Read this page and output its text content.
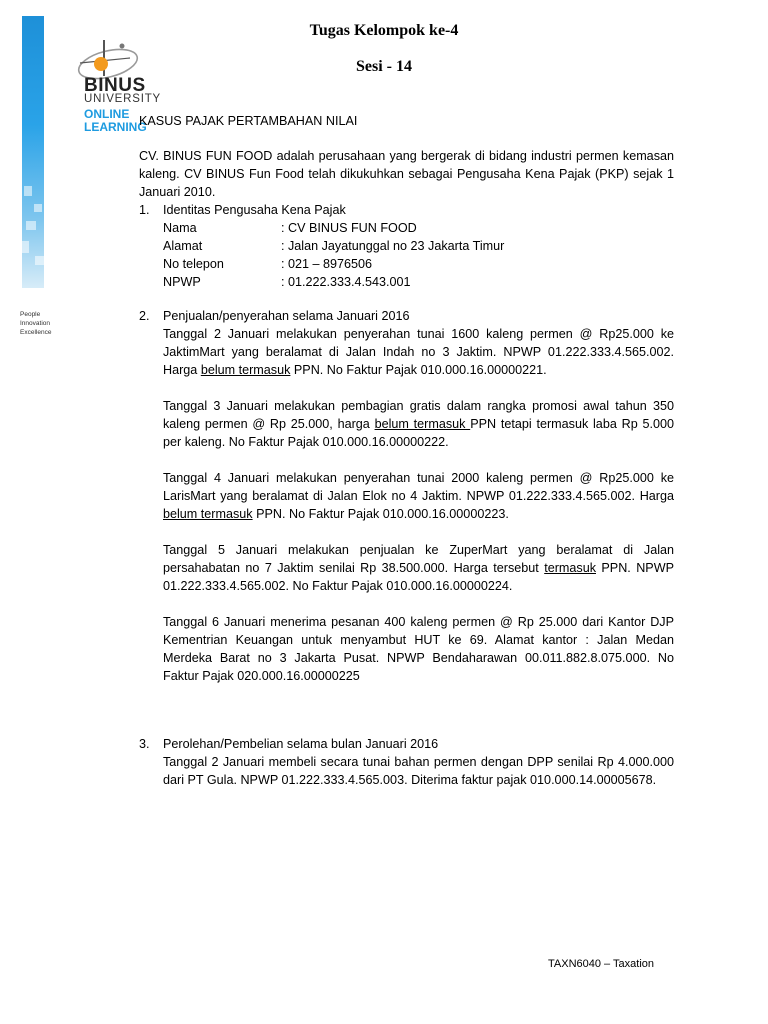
BINUS
UNIVERSITY
ONLINE
LEARNING
People
Innovation
Excellence
Tugas Kelompok ke-4
Sesi - 14
KASUS PAJAK PERTAMBAHAN NILAI
CV. BINUS FUN FOOD adalah perusahaan yang bergerak di bidang industri permen kemasan kaleng. CV BINUS Fun Food telah dikukuhkan sebagai Pengusaha Kena Pajak (PKP) sejak 1 Januari 2010.
1. Identitas Pengusaha Kena Pajak
Nama	: CV BINUS FUN FOOD
Alamat	: Jalan Jayatunggal no 23 Jakarta Timur
No telepon	: 021 – 8976506
NPWP	: 01.222.333.4.543.001
2. Penjualan/penyerahan selama Januari 2016
Tanggal 2 Januari melakukan penyerahan tunai 1600 kaleng permen @ Rp25.000 ke JaktimMart yang beralamat di Jalan Indah no 3 Jaktim. NPWP 01.222.333.4.565.002. Harga belum termasuk PPN. No Faktur Pajak 010.000.16.00000221.
Tanggal 3 Januari melakukan pembagian gratis dalam rangka promosi awal tahun 350 kaleng permen @ Rp 25.000, harga belum termasuk PPN tetapi termasuk laba Rp 5.000 per kaleng. No Faktur Pajak 010.000.16.00000222.
Tanggal 4 Januari melakukan penyerahan tunai 2000 kaleng permen @ Rp25.000 ke LarisMart yang beralamat di Jalan Elok no 4 Jaktim. NPWP 01.222.333.4.565.002. Harga belum termasuk PPN. No Faktur Pajak 010.000.16.00000223.
Tanggal 5 Januari melakukan penjualan ke ZuperMart yang beralamat di Jalan persahabatan no 7 Jaktim senilai Rp 38.500.000. Harga tersebut termasuk PPN. NPWP 01.222.333.4.565.002. No Faktur Pajak 010.000.16.00000224.
Tanggal 6 Januari menerima pesanan 400 kaleng permen @ Rp 25.000 dari Kantor DJP Kementrian Keuangan untuk menyambut HUT ke 69. Alamat kantor : Jalan Medan Merdeka Barat no 3 Jakarta Pusat. NPWP Bendaharawan 00.011.882.8.075.000. No Faktur Pajak 020.000.16.00000225
3. Perolehan/Pembelian selama bulan Januari 2016
Tanggal 2 Januari membeli secara tunai bahan permen dengan DPP senilai Rp 4.000.000 dari PT Gula. NPWP 01.222.333.4.565.003. Diterima faktur pajak 010.000.14.00005678.
TAXN6040 – Taxation
